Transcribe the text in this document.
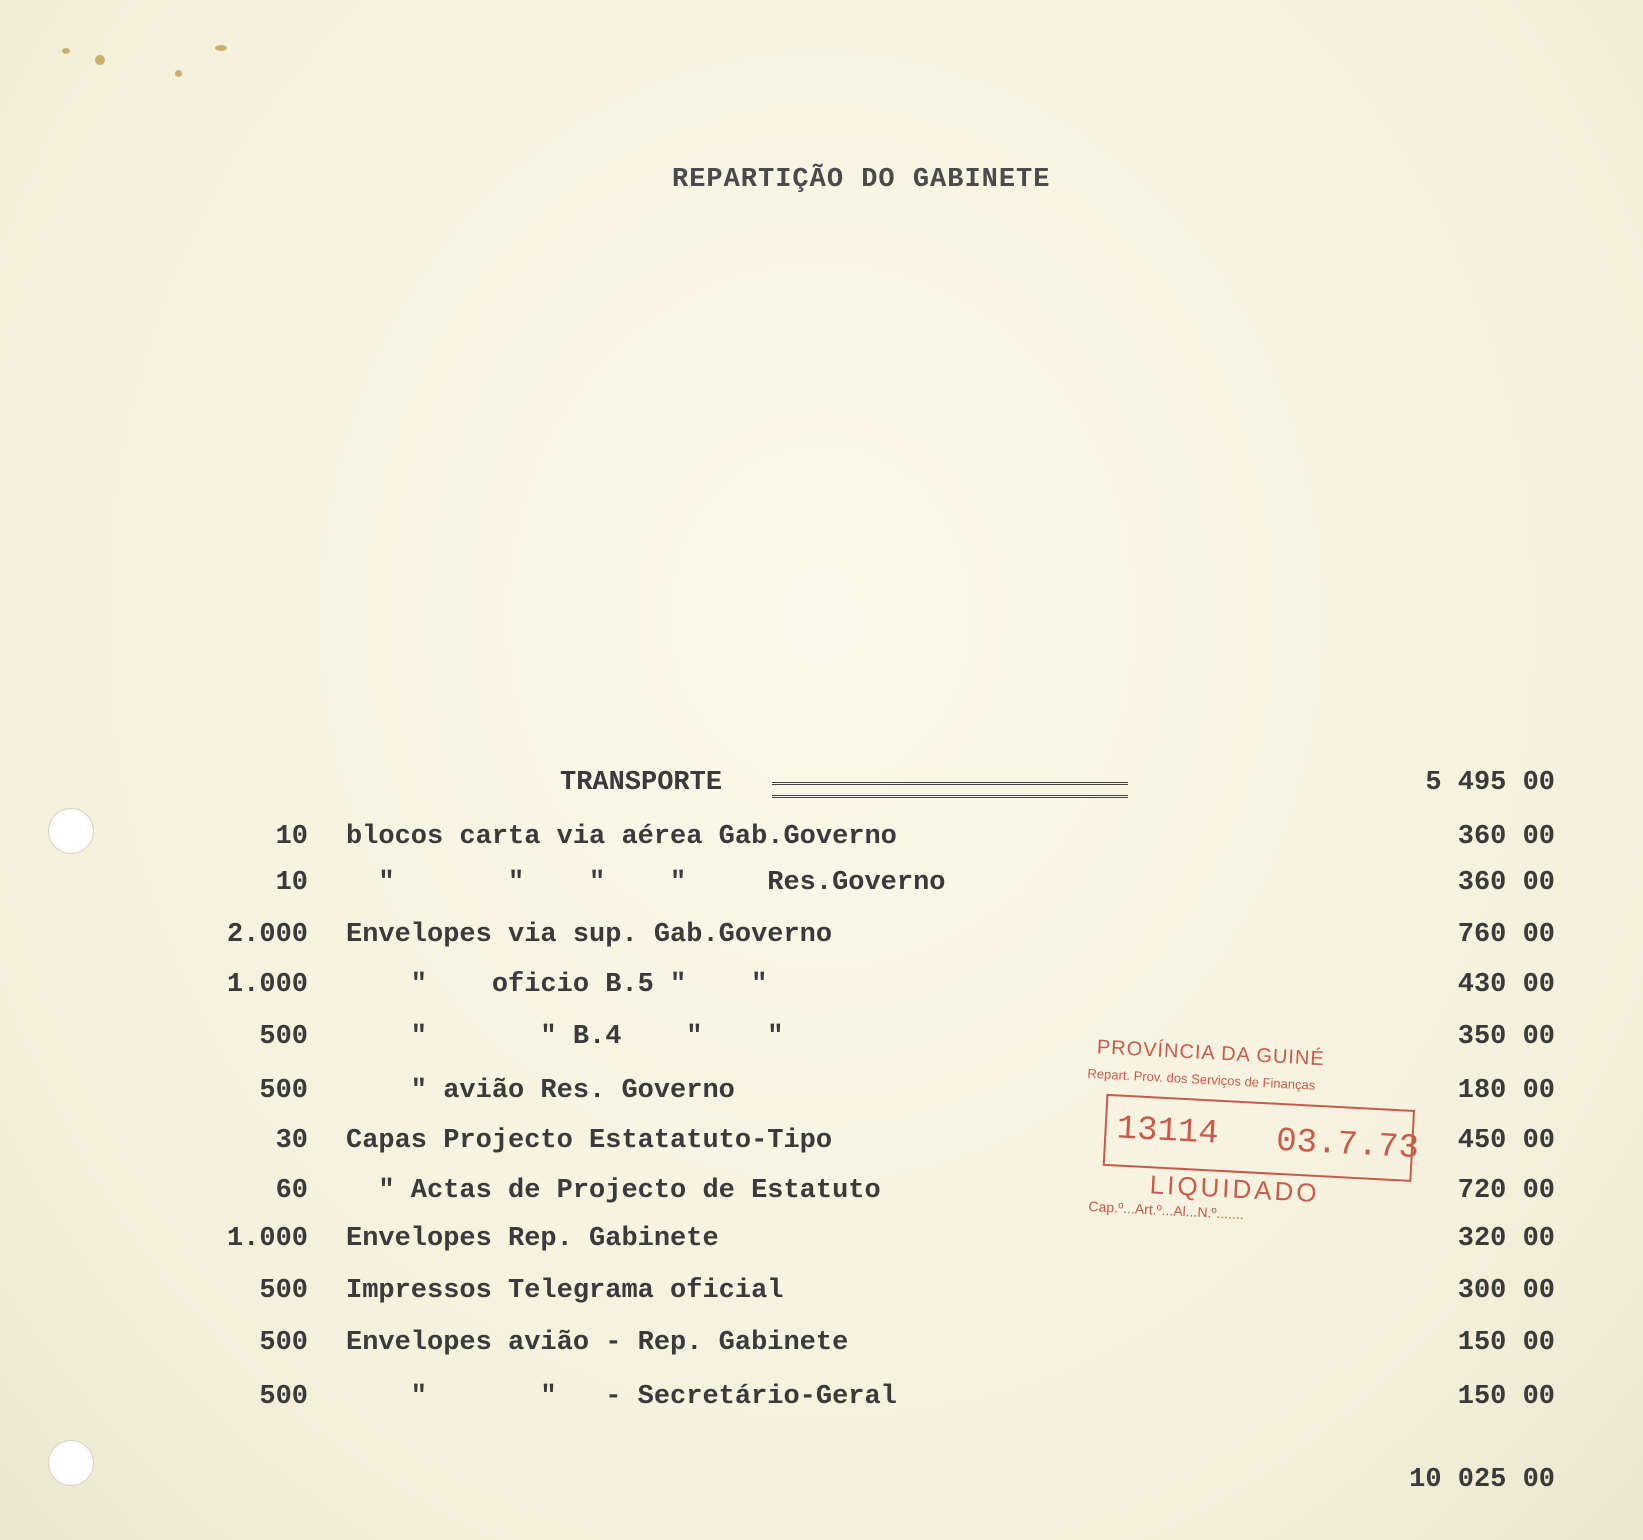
REPARTIÇÃO DO GABINETE
TRANSPORTE	5 495 00
10 blocos carta via aérea Gab.Governo	360 00
10 "       "    "    "     Res.Governo	360 00
2.000 Envelopes via sup. Gab.Governo	760 00
1.000 "    oficio B.5 "    "	430 00
500 "       " B.4    "    "	350 00
500 " avião Res. Governo	180 00
30 Capas Projecto Estatatuto-Tipo	450 00
60 " Actas de Projecto de Estatuto	720 00
1.000 Envelopes Rep. Gabinete	320 00
500 Impressos Telegrama oficial	300 00
500 Envelopes avião - Rep. Gabinete	150 00
500 "       "   - Secretário-Geral	150 00
10 025 00
PROVÍNCIA DA GUINÉ
Repart. Prov. dos Serviços de Finanças
13114 03.7.73
LIQUIDADO
Cap.º...Art.º...Al...N.º.......
